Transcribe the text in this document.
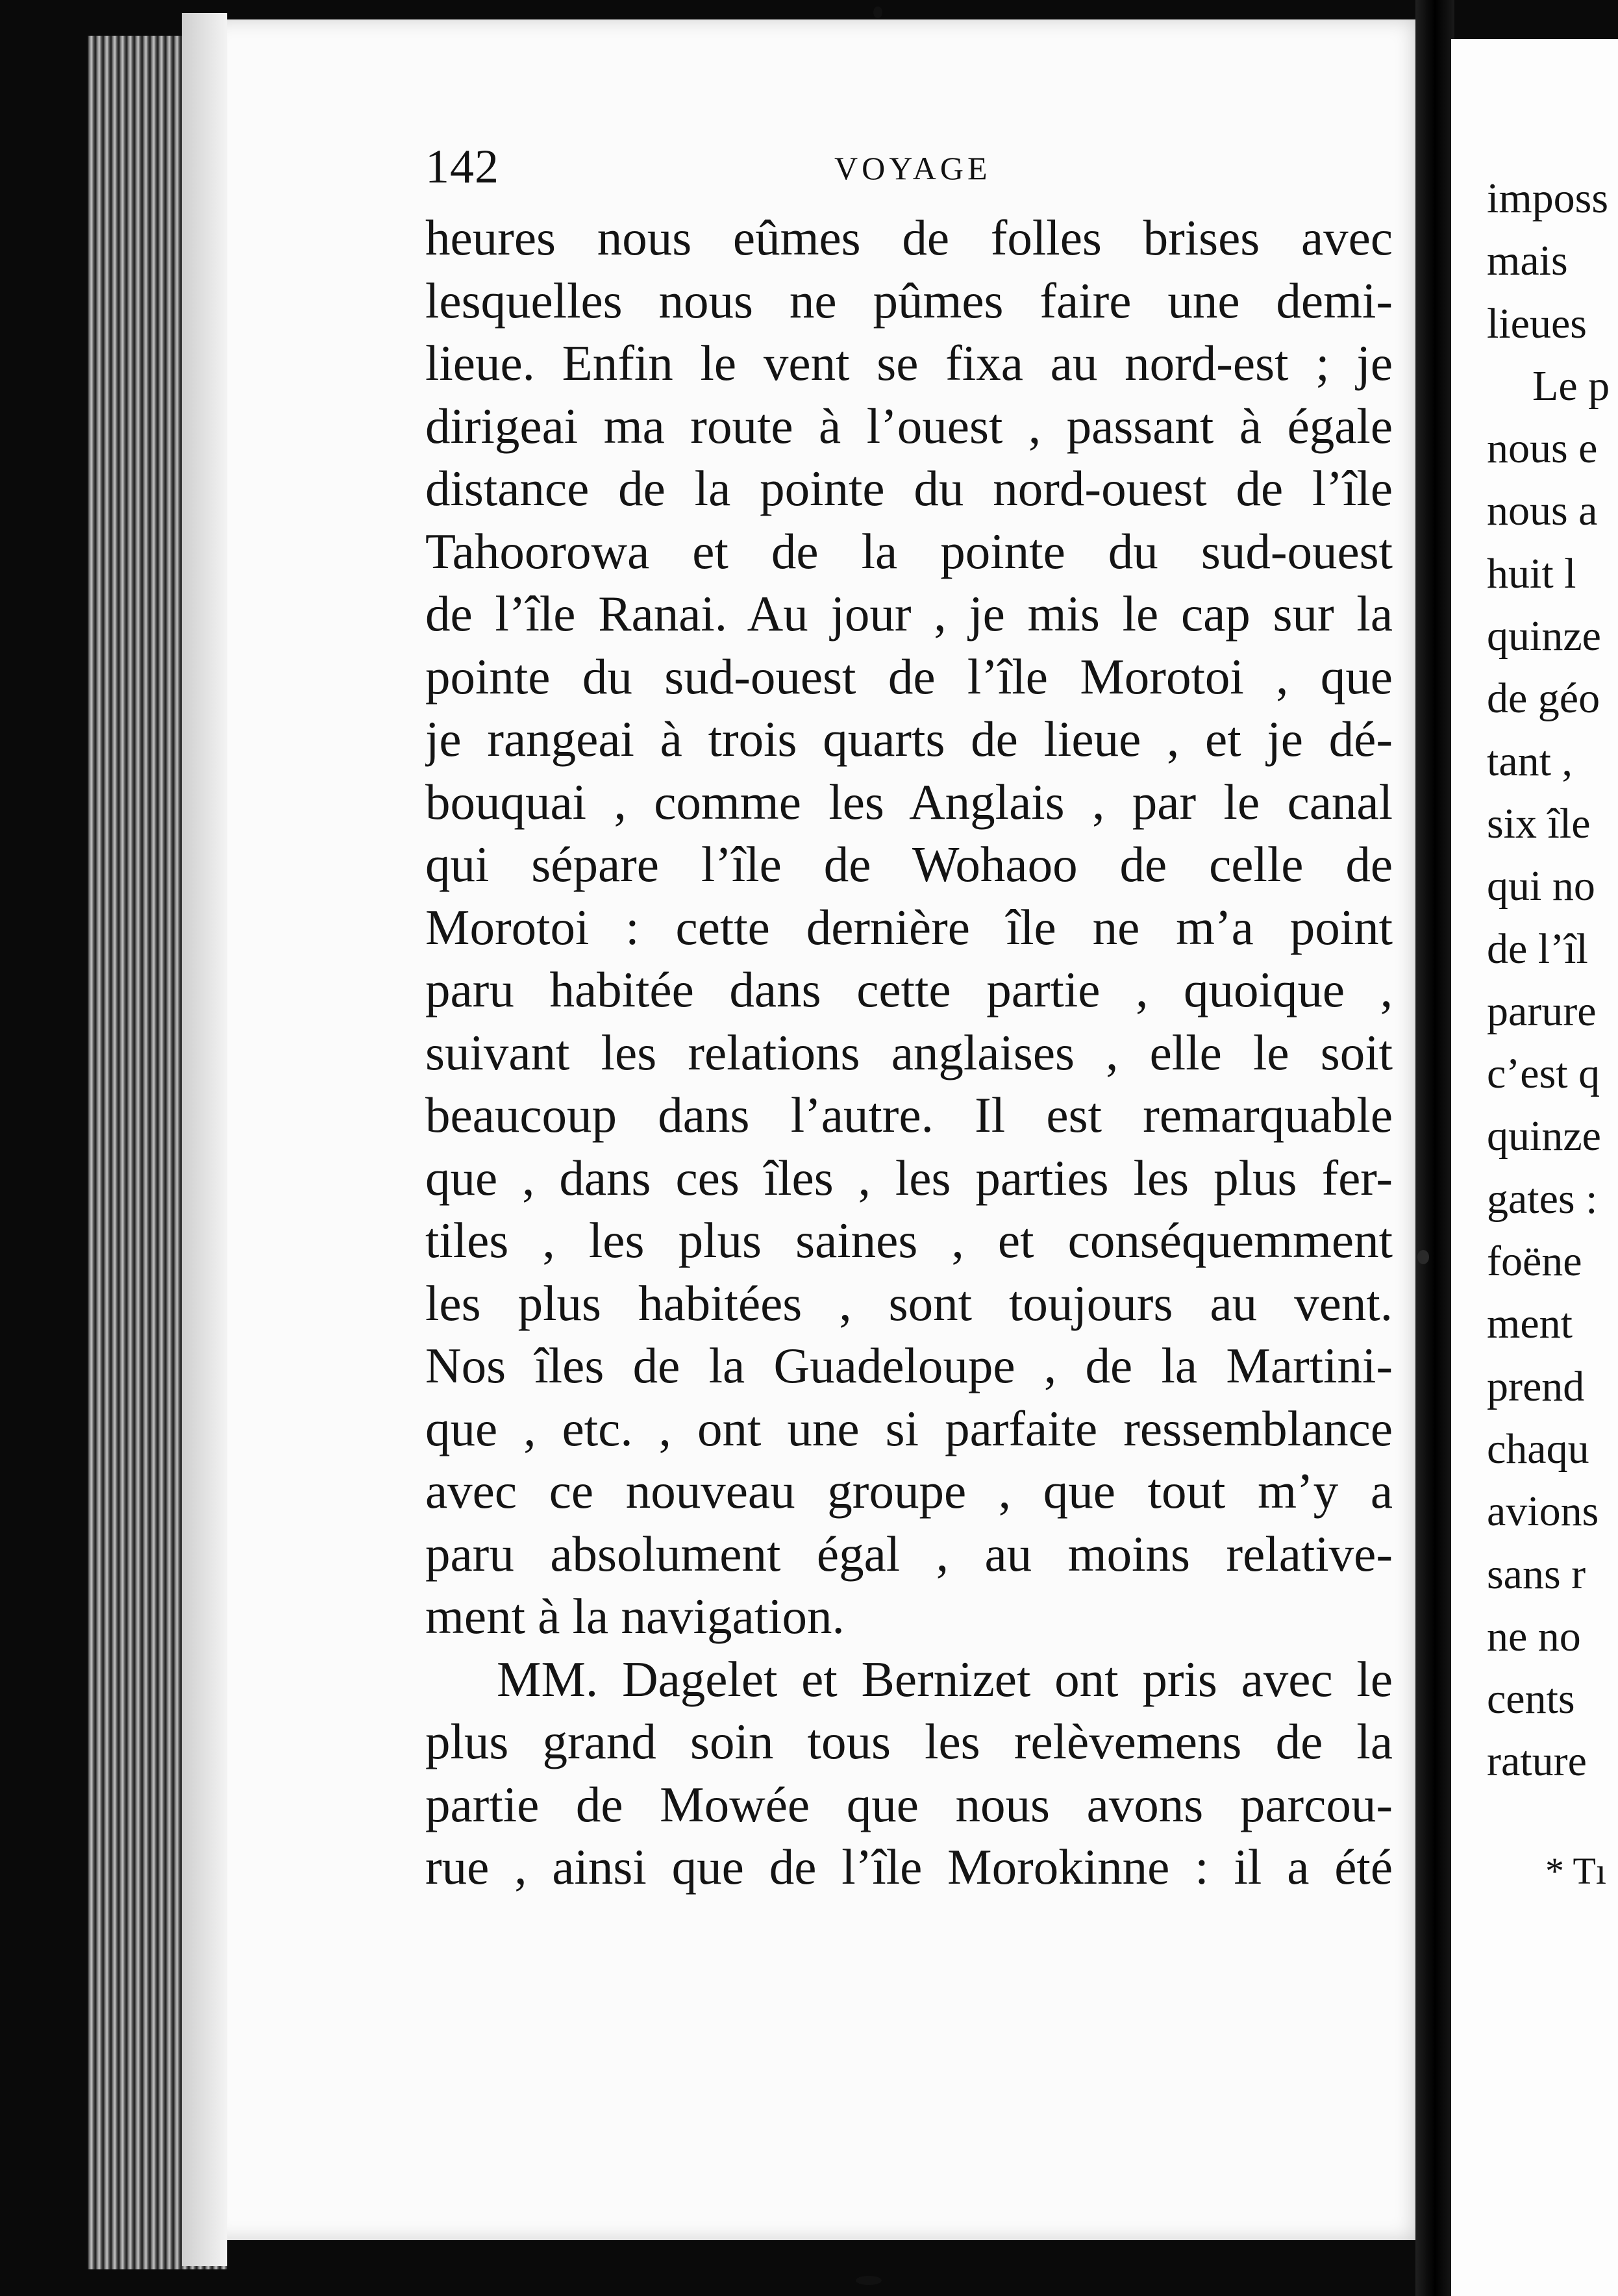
142	VOYAGE
heures nous eûmes de folles brises avec
lesquelles nous ne pûmes faire une demi-
lieue. Enfin le vent se fixa au nord-est ; je
dirigeai ma route à l’ouest , passant à égale
distance de la pointe du nord-ouest de l’île
Tahoorowa et de la pointe du sud-ouest
de l’île Ranai. Au jour , je mis le cap sur la
pointe du sud-ouest de l’île Morotoi , que
je rangeai à trois quarts de lieue , et je dé-
bouquai , comme les Anglais , par le canal
qui sépare l’île de Wohaoo de celle de
Morotoi : cette dernière île ne m’a point
paru habitée dans cette partie , quoique ,
suivant les relations anglaises , elle le soit
beaucoup dans l’autre. Il est remarquable
que , dans ces îles , les parties les plus fer-
tiles , les plus saines , et conséquemment
les plus habitées , sont toujours au vent.
Nos îles de la Guadeloupe , de la Martini-
que , etc. , ont une si parfaite ressemblance
avec ce nouveau groupe , que tout m’y a
paru absolument égal , au moins relative-
ment à la navigation.
MM. Dagelet et Bernizet ont pris avec le
plus grand soin tous les relèvemens de la
partie de Mowée que nous avons parcou-
rue , ainsi que de l’île Morokinne : il a été
imposs
mais
lieues
Le p
nous e
nous a
huit l
quinze
de géo
tant ,
six île
qui no
de l’îl
parure
c’est q
quinze
gates :
foëne
ment
prend
chaqu
avions
sans r
ne no
cents
rature
* Tı
